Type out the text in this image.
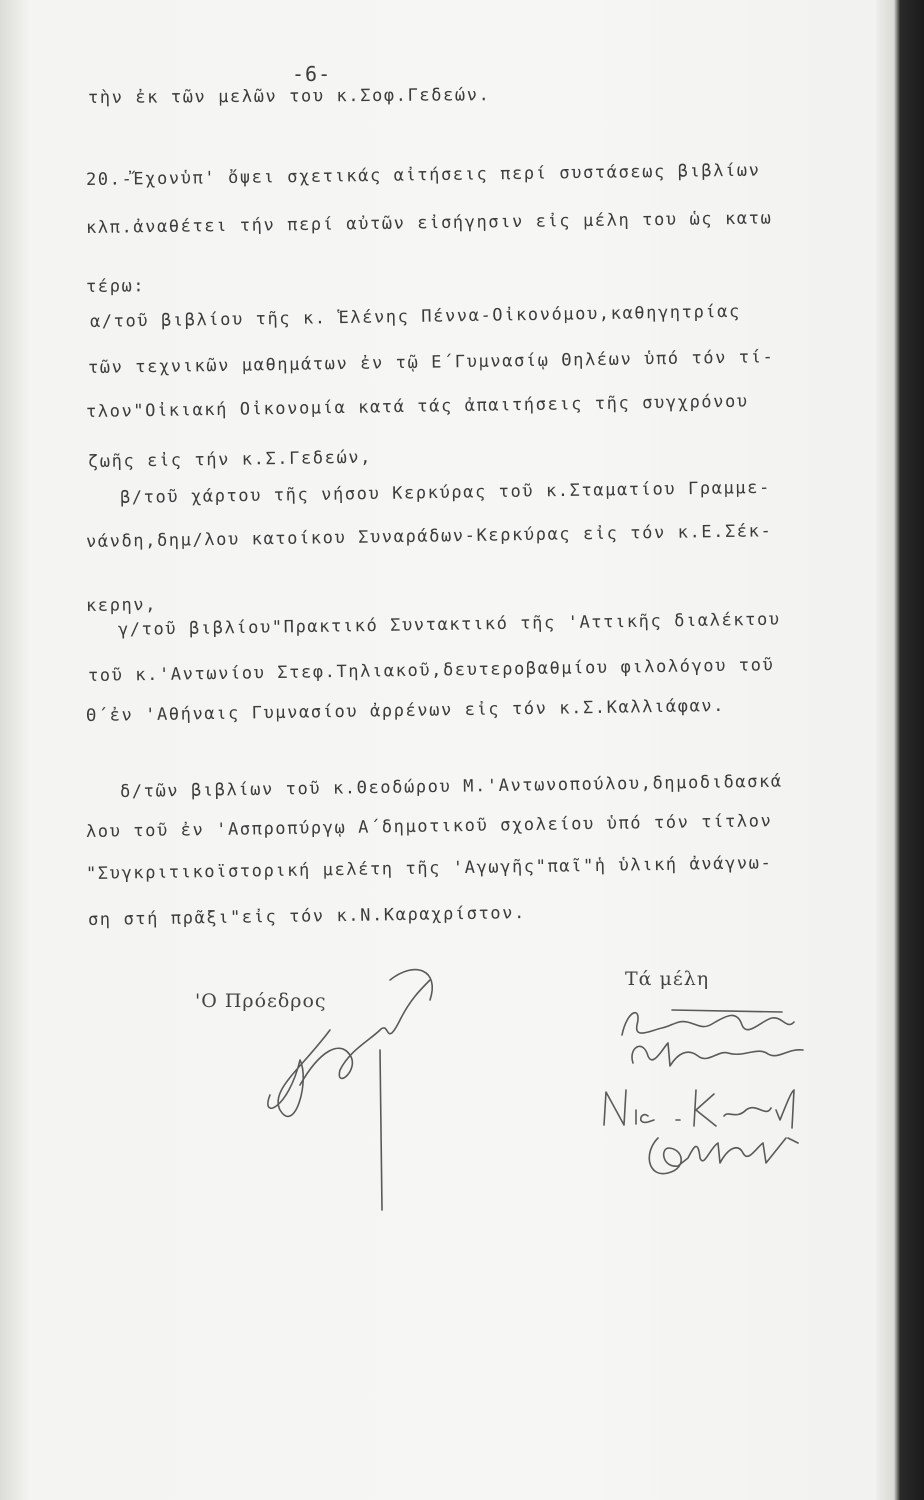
-6-
τὴν ἐκ τῶν μελῶν του κ.Σοφ.Γεδεών.
20.-Ἔχονὑπ' ὄψει σχετικάς αἰτήσεις περί συστάσεως βιβλίων
κλπ.ἀναθέτει τήν περί αὐτῶν εἰσήγησιν εἰς μέλη του ὡς κατω
τέρω:
α/τοῦ βιβλίου τῆς κ. Ἑλένης Πέννα-Οἰκονόμου,καθηγητρίας
τῶν τεχνικῶν μαθημάτων ἐν τῷ Ε΄Γυμνασίῳ Θηλέων ὑπό τόν τί-
τλον"Οἰκιακή Οἰκονομία κατά τάς ἀπαιτήσεις τῆς συγχρόνου
ζωῆς εἰς τήν κ.Σ.Γεδεών,
β/τοῦ χάρτου τῆς νήσου Κερκύρας τοῦ κ.Σταματίου Γραμμε-
νάνδη,δημ/λου κατοίκου Συναράδων-Κερκύρας εἰς τόν κ.Ε.Σέκ-
κερην,
γ/τοῦ βιβλίου"Πρακτικό Συντακτικό τῆς 'Αττικῆς διαλέκτου
τοῦ κ.'Αντωνίου Στεφ.Τηλιακοῦ,δευτεροβαθμίου φιλολόγου τοῦ
Θ΄ἐν 'Αθήναις Γυμνασίου ἀρρένων εἰς τόν κ.Σ.Καλλιάφαν.
δ/τῶν βιβλίων τοῦ κ.Θεοδώρου Μ.'Αντωνοπούλου,δημοδιδασκά
λου τοῦ ἐν 'Ασπροπύργῳ Α΄δημοτικοῦ σχολείου ὑπό τόν τίτλον
"Συγκριτικοϊστορική μελέτη τῆς 'Αγωγῆς"παῖ"ἡ ὑλική ἀνάγνω-
ση στή πρᾶξι"εἰς τόν κ.Ν.Καραχρίστον.
'Ο Πρόεδρος
Τά μέλη
